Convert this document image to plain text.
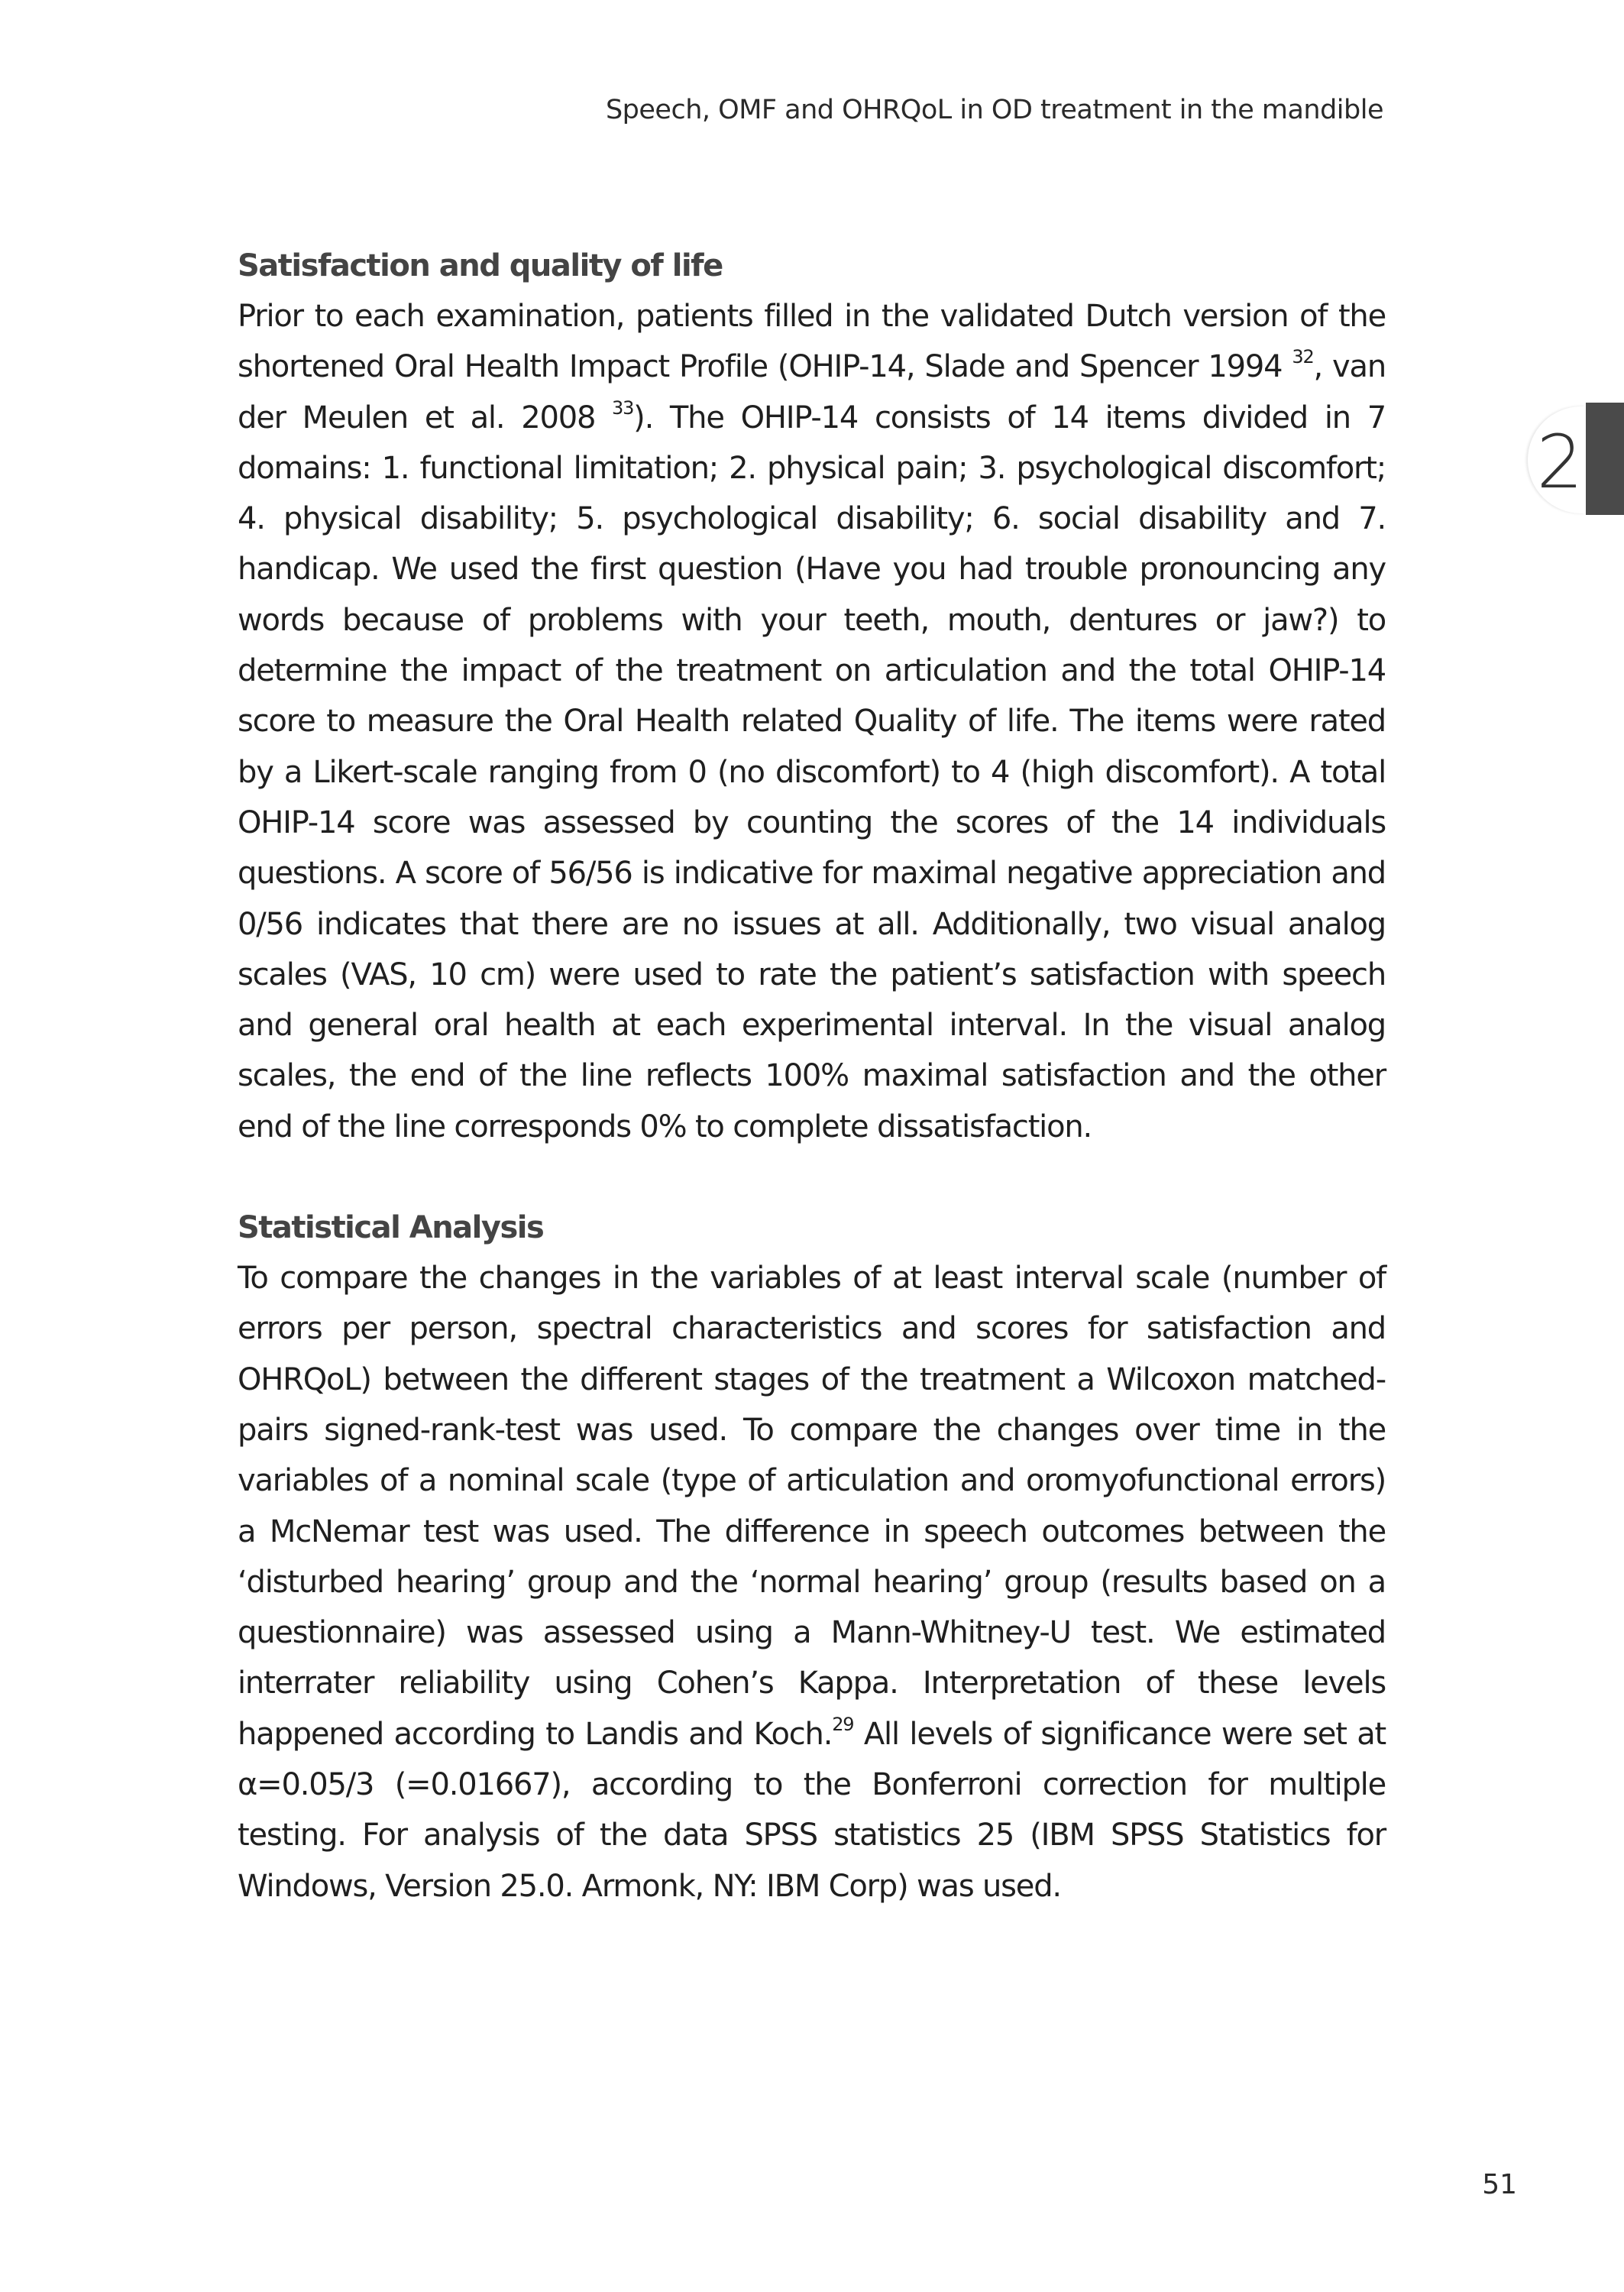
Speech, OMF and OHRQoL in OD treatment in the mandible
2
Satisfaction and quality of life

Prior to each examination, patients filled in the validated Dutch version of the shortened Oral Health Impact Profile (OHIP-14, Slade and Spencer 1994 $^{32}$, van der Meulen et al. 2008 $^{33}$). The OHIP-14 consists of 14 items divided in 7 domains: 1. functional limitation; 2. physical pain; 3. psychological discomfort; 4. physical disability; 5. psychological disability; 6. social disability and 7. handicap. We used the first question (Have you had trouble pronouncing any words because of problems with your teeth, mouth, dentures or jaw?) to determine the impact of the treatment on articulation and the total OHIP-14 score to measure the Oral Health related Quality of life. The items were rated by a Likert-scale ranging from 0 (no discomfort) to 4 (high discomfort). A total OHIP-14 score was assessed by counting the scores of the 14 individuals questions. A score of 56/56 is indicative for maximal negative appreciation and 0/56 indicates that there are no issues at all. Additionally, two visual analog scales (VAS, 10 cm) were used to rate the patient’s satisfaction with speech and general oral health at each experimental interval. In the visual analog scales, the end of the line reflects 100% maximal satisfaction and the other end of the line corresponds 0% to complete dissatisfaction.

Statistical Analysis

To compare the changes in the variables of at least interval scale (number of errors per person, spectral characteristics and scores for satisfaction and OHRQoL) between the different stages of the treatment a Wilcoxon matched-pairs signed-rank-test was used. To compare the changes over time in the variables of a nominal scale (type of articulation and oromyofunctional errors) a McNemar test was used. The difference in speech outcomes between the ‘disturbed hearing’ group and the ‘normal hearing’ group (results based on a questionnaire) was assessed using a Mann-Whitney-U test. We estimated interrater reliability using Cohen’s Kappa. Interpretation of these levels happened according to Landis and Koch.$^{29}$ All levels of significance were set at α=0.05/3 (=0.01667), according to the Bonferroni correction for multiple testing. For analysis of the data SPSS statistics 25 (IBM SPSS Statistics for Windows, Version 25.0. Armonk, NY: IBM Corp) was used.

51
